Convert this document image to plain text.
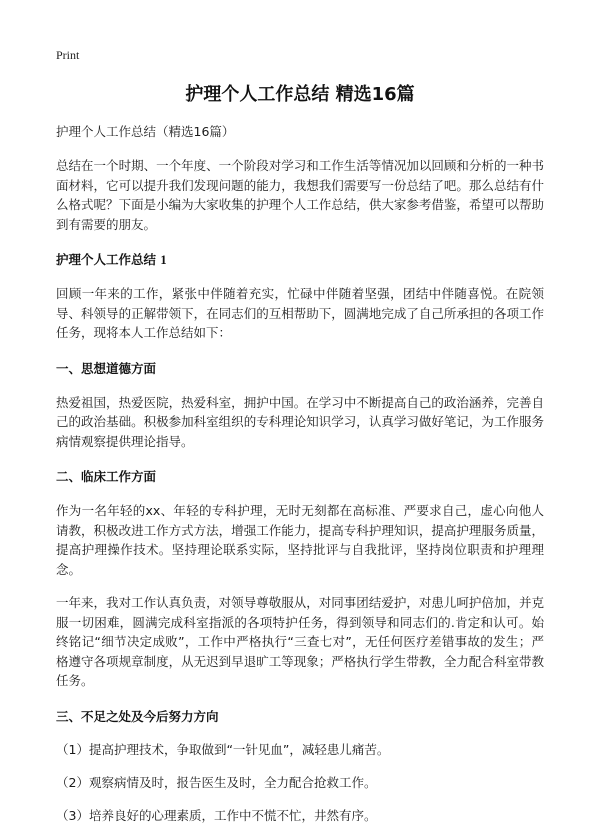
Print
护理个人工作总结 精选16篇
护理个人工作总结（精选16篇）

总结在一个时期、一个年度、一个阶段对学习和工作生活等情况加以回顾和分析的一种书面材料，它可以提升我们发现问题的能力，我想我们需要写一份总结了吧。那么总结有什么格式呢？下面是小编为大家收集的护理个人工作总结，供大家参考借鉴，希望可以帮助到有需要的朋友。

护理个人工作总结 1

回顾一年来的工作，紧张中伴随着充实，忙碌中伴随着坚强，团结中伴随喜悦。在院领导、科领导的正解带领下，在同志们的互相帮助下，圆满地完成了自己所承担的各项工作任务，现将本人工作总结如下：

一、思想道德方面

热爱祖国，热爱医院，热爱科室，拥护中国。在学习中不断提高自己的政治涵养，完善自己的政治基础。积极参加科室组织的专科理论知识学习，认真学习做好笔记，为工作服务病情观察提供理论指导。

二、临床工作方面

作为一名年轻的xx、年轻的专科护理，无时无刻都在高标准、严要求自己，虚心向他人请教，积极改进工作方式方法，增强工作能力，提高专科护理知识，提高护理服务质量，提高护理操作技术。坚持理论联系实际，坚持批评与自我批评，坚持岗位职责和护理理念。

一年来，我对工作认真负责，对领导尊敬服从，对同事团结爱护，对患儿呵护倍加，并克服一切困难，圆满完成科室指派的各项特护任务，得到领导和同志们的.肯定和认可。始终铭记“细节决定成败”，工作中严格执行“三查七对”，无任何医疗差错事故的发生；严格遵守各项规章制度，从无迟到早退旷工等现象；严格执行学生带教，全力配合科室带教任务。

三、不足之处及今后努力方向

（1）提高护理技术，争取做到“一针见血”，减轻患儿痛苦。

（2）观察病情及时，报告医生及时，全力配合抢救工作。

（3）培养良好的心理素质，工作中不慌不忙，井然有序。
